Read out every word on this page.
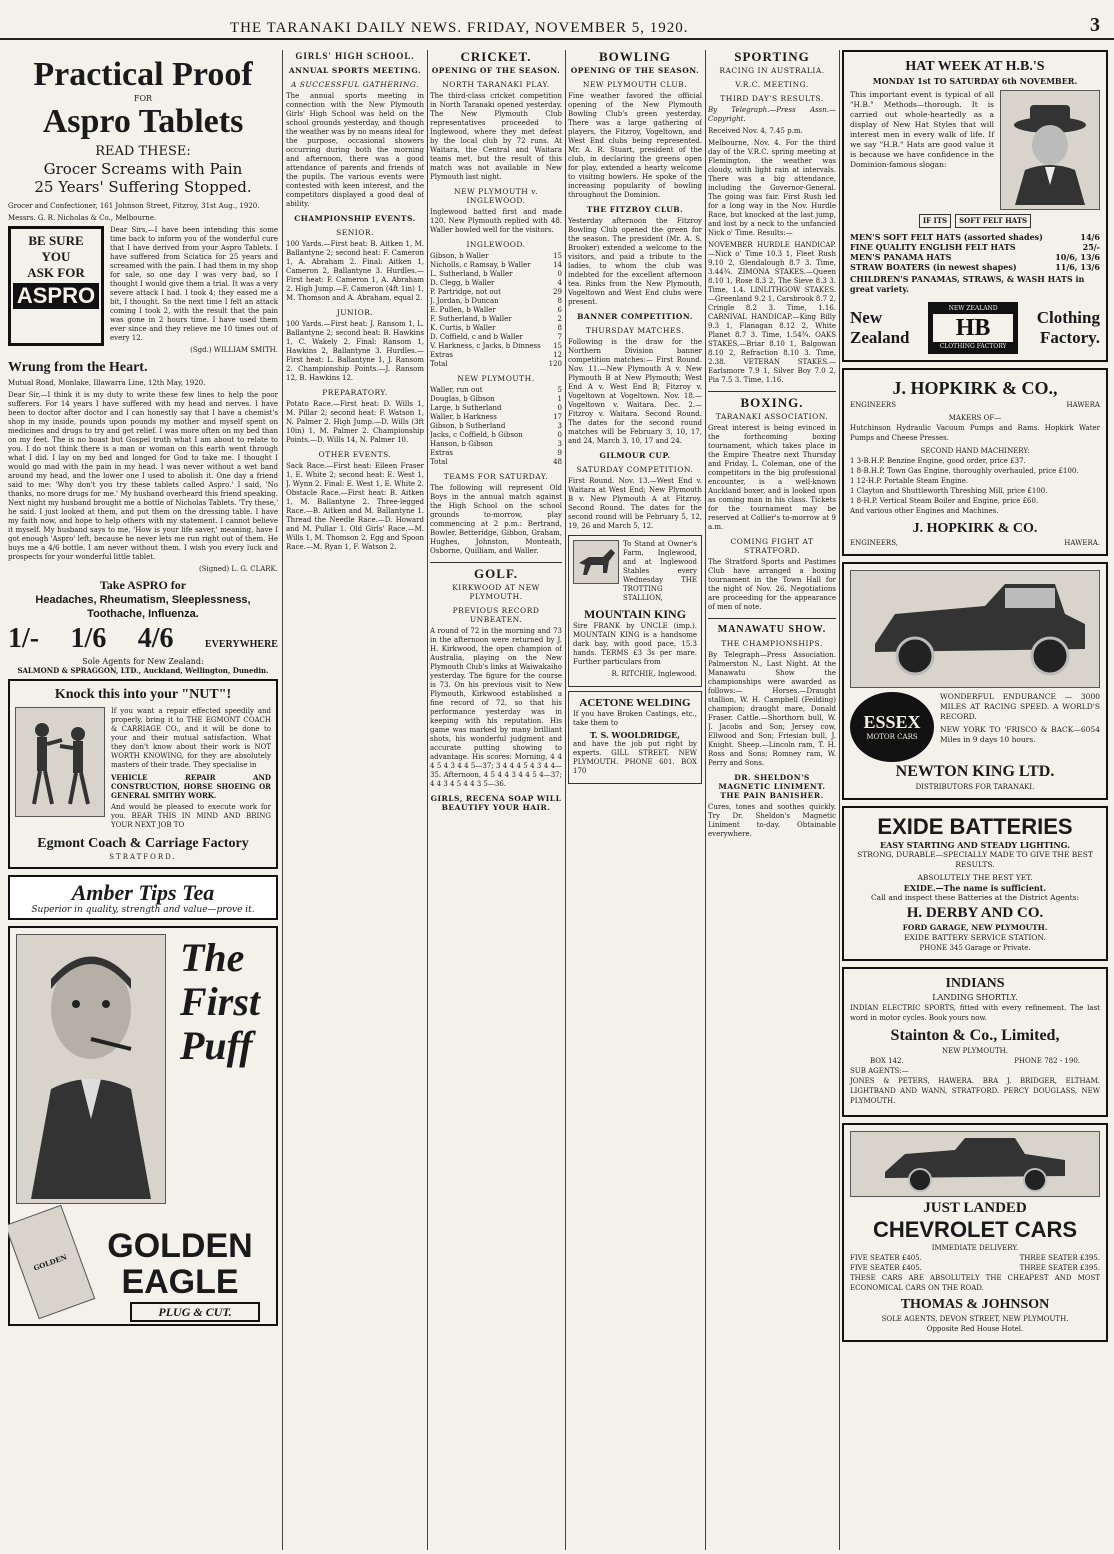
THE TARANAKI DAILY NEWS. FRIDAY, NOVEMBER 5, 1920.	3
Practical Proof
FOR
Aspro Tablets
READ THESE:
Grocer Screams with Pain
25 Years' Suffering Stopped.

Grocer and Confectioner, 161 Johnson Street, Fitzroy, 31st Aug., 1920.

Messrs. G. R. Nicholas & Co., Melbourne.

BE SURE YOU
ASK FOR
ASPRO

Dear Sirs,—I have been intending this some time back to inform you of the wonderful cure that I have derived from your Aspro Tablets. I have suffered from Sciatica for 25 years and screamed with the pain. I had them in my shop for sale, so one day I was very bad, so I thought I would give them a trial. It was a very severe attack I had. I took 4; they eased me a bit, I thought. So the next time I felt an attack coming I took 2, with the result that the pain was gone in 2 hours time. I have used them ever since and they relieve me 10 times out of every 12.

(Sgd.) WILLIAM SMITH.

Wrung from the Heart.

Mutual Road, Monlake, Illawarra Line, 12th May, 1920.

Dear Sir,—I think it is my duty to write these few lines to help the poor sufferers. For 14 years I have suffered with my head and nerves. I have been to doctor after doctor and I can honestly say that I have a chemist's shop in my inside, pounds upon pounds my mother and myself spent on medicines and drugs to try and get relief. I was more often on my bed than on my feet. The is no boast but Gospel truth what I am about to relate to you. I do not think there is a man or woman on this earth went through what I did. I lay on my bed and longed for God to take me. I thought I would go mad with the pain in my head. I was never without a wet band around my head, and the lower one I used to abolish it. One day a friend said to me: 'Why don't you try these tablets called Aspro.' I said, 'No thanks, no more drugs for me.' My husband overheard this friend speaking. Next night my husband brought me a bottle of Nicholas Tablets. 'Try these,' he said. I just looked at them, and put them on the dressing table. I have my faith now, and hope to help others with my statement. I cannot believe it myself. My husband says to me, 'How is your life saver,' meaning, have I got enough 'Aspro' left, because he never lets me run right out of them. He buys me a 4/6 bottle. I am never without them. I wish you every luck and prospects for your wonderful little tablet.

(Signed) L. G. CLARK.

Take ASPRO for
Headaches, Rheumatism, Sleeplessness, Toothache, Influenza.
1/- 1/6 4/6	EVERYWHERE
Sole Agents for New Zealand:
SALMOND & SPRAGGON, LTD., Auckland, Wellington, Dunedin.
Knock this into your "NUT"!

If you want a repair effected speedily and properly, bring it to THE EGMONT COACH & CARRIAGE CO., and it will be done to your and their mutual satisfaction. What they don't know about their work is NOT WORTH KNOWING, for they are absolutely masters of their trade. They specialise in

VEHICLE REPAIR AND CONSTRUCTION, HORSE SHOEING OR GENERAL SMITHY WORK.

And would be pleased to execute work for you. BEAR THIS IN MIND AND BRING YOUR NEXT JOB TO

Egmont Coach & Carriage Factory
STRATFORD.
Amber Tips Tea
Superior in quality, strength and value—prove it.
The
First
Puff
GOLDEN	GOLDEN
EAGLE
PLUG & CUT.
GIRLS' HIGH SCHOOL.
ANNUAL SPORTS MEETING.
A SUCCESSFUL GATHERING.

The annual sports meeting in connection with the New Plymouth Girls' High School was held on the school grounds yesterday, and though the weather was by no means ideal for the purpose, occasional showers occurring during both the morning and afternoon, there was a good attendance of parents and friends of the pupils. The various events were contested with keen interest, and the competitors displayed a good deal of ability.

CHAMPIONSHIP EVENTS.
SENIOR.

100 Yards.—First heat: B. Aitken 1, M. Ballantyne 2; second heat: F. Cameron 1, A. Abraham 2. Final: Aitken 1, Cameron 2, Ballantyne 3. Hurdles.—First heat: F. Cameron 1, A. Abraham 2. High Jump.—F. Cameron (4ft 1in) 1, M. Thomson and A. Abraham, equal 2.

JUNIOR.

100 Yards.—First heat: J. Ransom 1, L. Ballantyne 2; second heat: B. Hawkins 1, C. Wakely 2. Final: Ransom 1, Hawkins 2, Ballantyne 3. Hurdles.—First heat: L. Ballantyne 1, J. Ransom 2. Championship Points.—J. Ransom 12, B. Hawkins 12.

PREPARATORY.

Potato Race.—First heat: D. Wills 1, M. Pillar 2; second heat: F. Watson 1, N. Palmer 2. High Jump.—D. Wills (3ft 10in) 1, M. Palmer 2. Championship Points.—D. Wills 14, N. Palmer 10.

OTHER EVENTS.

Sack Race.—First heat: Eileen Fraser 1, E. White 2; second heat: E. West 1, J. Wynn 2. Final: E. West 1, E. White 2. Obstacle Race.—First heat: B. Aitken 1, M. Ballantyne 2. Three-legged Race.—B. Aitken and M. Ballantyne 1. Thread the Needle Race.—D. Howard and M. Pullar 1. Old Girls' Race.—M. Wills 1, M. Thomson 2. Egg and Spoon Race.—M. Ryan 1, F. Watson 2.

CRICKET.
OPENING OF THE SEASON.
NORTH TARANAKI PLAY.

The third-class cricket competition in North Taranaki opened yesterday. The New Plymouth Club representatives proceeded to Inglewood, where they met defeat by the local club by 72 runs. At Waitara, the Central and Waitara teams met, but the result of this match was not available in New Plymouth last night.

NEW PLYMOUTH v. INGLEWOOD.

Inglewood batted first and made 120. New Plymouth replied with 48. Waller bowled well for the visitors.

INGLEWOOD.
Gibson, b Waller	15
Nicholls, c Ramsay, b Waller	14
L. Sutherland, b Waller	0
D. Clegg, b Waller	4
P. Partridge, not out	29
J. Jordan, b Duncan	8
E. Pullen, b Waller	6
F. Sutherland, b Waller	2
K. Curtis, b Waller	8
D. Coffield, c and b Waller	7
V. Harkness, c Jacks, b Dinness 15
Extras	12
Total	120
NEW PLYMOUTH.
Waller, run out	5
Douglas, b Gibson	1
Large, b Sutherland	0
Waller, b Harkness	17
Gibson, b Sutherland	3
Jacks, c Coffield, b Gibson	0
Hanson, b Gibson	3
Extras	9
Total	48
TEAMS FOR SATURDAY.

The following will represent Old Boys in the annual match against the High School on the school grounds to-morrow, play commencing at 2 p.m.: Bertrand, Bowler, Betteridge, Gibbon, Graham, Hughes, Johnston, Monteath, Osborne, Quilliam, and Waller.

GOLF.
KIRKWOOD AT NEW PLYMOUTH.
PREVIOUS RECORD UNBEATEN.

A round of 72 in the morning and 73 in the afternoon were returned by J. H. Kirkwood, the open champion of Australia, playing on the New Plymouth Club's links at Waiwakaiho yesterday. The figure for the course is 73. On his previous visit to New Plymouth, Kirkwood established a fine record of 72, so that his performance yesterday was in keeping with his reputation. His game was marked by many brilliant shots, his wonderful judgment and accurate putting showing to advantage. His scores: Morning, 4 4 4 5 4 3 4 4 5—37; 3 4 4 4 5 4 3 4 4—35. Afternoon, 4 5 4 4 3 4 4 5 4—37; 4 4 3 4 5 4 4 3 5—36.

GIRLS, RECENA SOAP WILL BEAUTIFY YOUR HAIR.
BOWLING
OPENING OF THE SEASON.
NEW PLYMOUTH CLUB.

Fine weather favored the official opening of the New Plymouth Bowling Club's green yesterday. There was a large gathering of players, the Fitzroy, Vogeltown, and West End clubs being represented. Mr. A. R. Stuart, president of the club, in declaring the greens open for play, extended a hearty welcome to visiting bowlers. He spoke of the increasing popularity of bowling throughout the Dominion.

THE FITZROY CLUB.

Yesterday afternoon the Fitzroy Bowling Club opened the green for the season. The president (Mr. A. S. Brooker) extended a welcome to the visitors, and paid a tribute to the ladies, to whom the club was indebted for the excellent afternoon tea. Rinks from the New Plymouth, Vogeltown and West End clubs were present.

BANNER COMPETITION.
THURSDAY MATCHES.

Following is the draw for the Northern Division banner competition matches:— First Round. Nov. 11.—New Plymouth A v. New Plymouth B at New Plymouth; West End A v. West End B; Fitzroy v. Vogeltown at Vogeltown. Nov. 18.—Vogeltown v. Waitara. Dec. 2.—Fitzroy v. Waitara. Second Round. The dates for the second round matches will be February 3, 10, 17, and 24, March 3, 10, 17 and 24.

GILMOUR CUP.
SATURDAY COMPETITION.

First Round. Nov. 13.—West End v. Waitara at West End; New Plymouth B v. New Plymouth A at Fitzroy. Second Round. The dates for the second round will be February 5, 12, 19, 26 and March 5, 12.

To Stand at Owner's Farm, Inglewood, and at Inglewood Stables every Wednesday THE TROTTING STALLION,

MOUNTAIN KING

Sire FRANK by UNCLE (imp.). MOUNTAIN KING is a handsome dark bay, with good pace, 15.3 hands. TERMS £3 3s per mare. Further particulars from

R. RITCHIE, Inglewood.

ACETONE WELDING

If you have Broken Castings, etc., take them to

T. S. WOOLDRIDGE,

and have the job put right by experts. GILL STREET, NEW PLYMOUTH. PHONE 601. BOX 170

SPORTING
RACING IN AUSTRALIA.
V.R.C. MEETING.
THIRD DAY'S RESULTS.

By Telegraph.—Press Assn.—Copyright.

Received Nov. 4, 7.45 p.m.

Melbourne, Nov. 4. For the third day of the V.R.C. spring meeting at Flemington, the weather was cloudy, with light rain at intervals. There was a big attendance, including the Governor-General. The going was fair. First Rush led for a long way in the Nov. Hurdle Race, but knocked at the last jump, and lost by a neck to the unfancied Nick o' Time. Results:—

NOVEMBER HURDLE HANDICAP.—Nick o' Time 10.3 1, Fleet Rush 9.10 2, Glendalough 8.7 3. Time, 3.44¾. ZIMONA STAKES.—Queen 8.10 1, Rose 8.3 2, The Sieve 8.3 3. Time, 1.4. LINLITHGOW STAKES.—Greenland 9.2 1, Carsbrook 8.7 2, Cringle 8.2 3. Time, 1.16. CARNIVAL HANDICAP.—King Billy 9.3 1, Flanagan 8.12 2, White Planet 8.7 3. Time, 1.54¾. OAKS STAKES.—Briar 8.10 1, Balgowan 8.10 2, Refraction 8.10 3. Time, 2.38. VETERAN STAKES.—Earlsmore 7.9 1, Silver Boy 7.0 2, Pia 7.5 3. Time, 1.16.

BOXING.
TARANAKI ASSOCIATION.

Great interest is being evinced in the forthcoming boxing tournament, which takes place in the Empire Theatre next Thursday and Friday. L. Coleman, one of the competitors in the big professional encounter, is a well-known Auckland boxer, and is looked upon as coming man in his class. Tickets for the tournament may be reserved at Collier's to-morrow at 9 a.m.

COMING FIGHT AT STRATFORD.

The Stratford Sports and Pastimes Club have arranged a boxing tournament in the Town Hall for the night of Nov. 26. Negotiations are proceeding for the appearance of men of note.

MANAWATU SHOW.
THE CHAMPIONSHIPS.

By Telegraph—Press Association. Palmerston N., Last Night. At the Manawatu Show the championships were awarded as follows:— Horses.—Draught stallion, W. H. Campbell (Feilding) champion; draught mare, Donald Fraser. Cattle.—Shorthorn bull, W. J. Jacobs and Son; Jersey cow, Ellwood and Son; Friesian bull, J. Knight. Sheep.—Lincoln ram, T. H. Ross and Sons; Romney ram, W. Perry and Sons.

DR. SHELDON'S MAGNETIC LINIMENT. THE PAIN BANISHER.

Cures, tones and soothes quickly. Try Dr. Sheldon's Magnetic Liniment to-day. Obtainable everywhere.

HAT WEEK AT H.B.'S
MONDAY 1st TO SATURDAY 6th NOVEMBER.

This important event is typical of all "H.B." Methods—thorough. It is carried out whole-heartedly as a display of New Hat Styles that will interest men in every walk of life. If we say "H.B." Hats are good value it is because we have confidence in the Dominion-famous slogan:

IF ITS	SOFT FELT HATS
MEN'S SOFT FELT HATS (assorted shades)	14/6
FINE QUALITY ENGLISH FELT HATS	25/-
MEN'S PANAMA HATS	10/6, 13/6
STRAW BOATERS (in newest shapes)	11/6, 13/6
CHILDREN'S PANAMAS, STRAWS, & WASH HATS in great variety.
New
Zealand
NEW ZEALAND
HB
CLOTHING FACTORY
Clothing
Factory.
J. HOPKIRK & CO.,
ENGINEERS	HAWERA
MAKERS OF—

Hutchinson Hydraulic Vacuum Pumps and Rams. Hopkirk Water Pumps and Cheese Presses.

SECOND HAND MACHINERY:
1 3-B.H.P. Benzine Engine, good order, price £37.
1 8-B.H.P. Town Gas Engine, thoroughly overhauled, price £100.
1 12-H.P. Portable Steam Engine.
1 Clayton and Shuttleworth Threshing Mill, price £100.
1 8-H.P. Vertical Steam Boiler and Engine, price £60.
And various other Engines and Machines.
J. HOPKIRK & CO.
ENGINEERS,	HAWERA.
ESSEX
MOTOR CARS

WONDERFUL ENDURANCE — 3000 MILES AT RACING SPEED. A WORLD'S RECORD.

NEW YORK TO 'FRISCO & BACK—6054 Miles in 9 days 10 hours.

NEWTON KING LTD.
DISTRIBUTORS FOR TARANAKI.
EXIDE BATTERIES
EASY STARTING AND STEADY LIGHTING.
STRONG, DURABLE—SPECIALLY MADE TO GIVE THE BEST RESULTS.
ABSOLUTELY THE BEST YET.
EXIDE.—The name is sufficient.
Call and inspect these Batteries at the District Agents:
H. DERBY AND CO.
FORD GARAGE, NEW PLYMOUTH.
EXIDE BATTERY SERVICE STATION.
PHONE 345 Garage or Private.
INDIANS
LANDING SHORTLY.

INDIAN ELECTRIC SPORTS, fitted with every refinement. The last word in motor cycles. Book yours now.

Stainton & Co., Limited,
NEW PLYMOUTH.
BOX 142.	PHONE 782 - 190.
SUB AGENTS:—

JONES & PETERS, HAWERA. BRA J. BRIDGER, ELTHAM. LIGHTBAND AND WANN, STRATFORD. PERCY DOUGLASS, NEW PLYMOUTH.

JUST LANDED
CHEVROLET CARS
IMMEDIATE DELIVERY.
FIVE SEATER £405.	THREE SEATER £395.
FIVE SEATER £405.	THREE SEATER £395.

THESE CARS ARE ABSOLUTELY THE CHEAPEST AND MOST ECONOMICAL CARS ON THE ROAD.

THOMAS & JOHNSON
SOLE AGENTS, DEVON STREET, NEW PLYMOUTH.
Opposite Red House Hotel.
